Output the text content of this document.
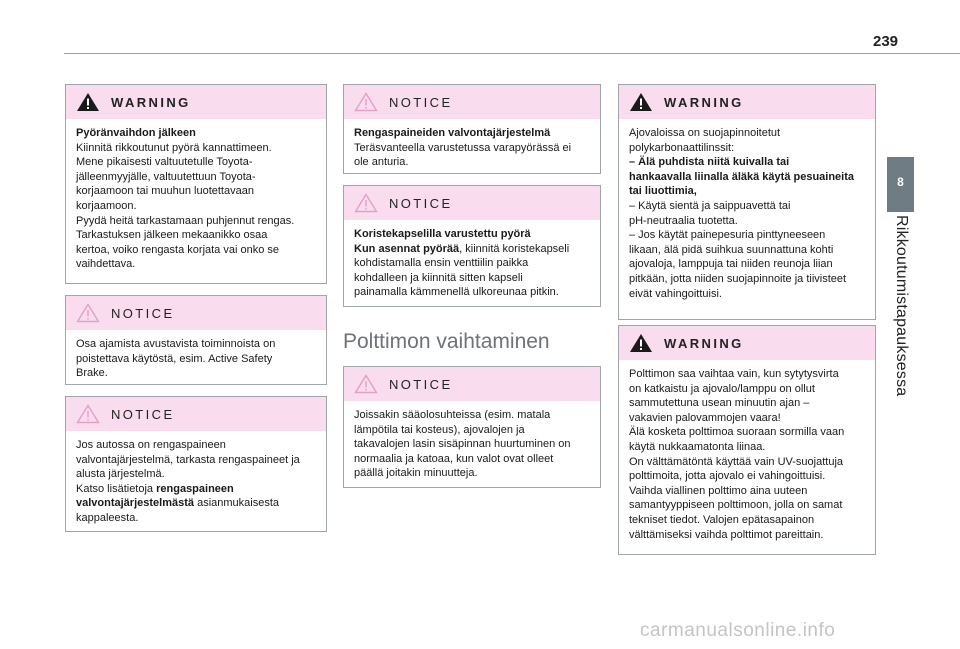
239
8
Rikkoutumistapauksessa
WARNING

Pyöränvaihdon jälkeen

Kiinnitä rikkoutunut pyörä kannattimeen.

Mene pikaisesti valtuutetulle Toyota-

jälleenmyyjälle, valtuutettuun Toyota-

korjaamoon tai muuhun luotettavaan

korjaamoon.

Pyydä heitä tarkastamaan puhjennut rengas.

Tarkastuksen jälkeen mekaanikko osaa

kertoa, voiko rengasta korjata vai onko se

vaihdettava.

NOTICE

Osa ajamista avustavista toiminnoista on

poistettava käytöstä, esim. Active Safety

Brake.

NOTICE

Jos autossa on rengaspaineen

valvontajärjestelmä, tarkasta rengaspaineet ja

alusta järjestelmä.

Katso lisätietoja rengaspaineen

valvontajärjestelmästä asianmukaisesta

kappaleesta.

NOTICE

Rengaspaineiden valvontajärjestelmä

Teräsvanteella varustetussa varapyörässä ei

ole anturia.

NOTICE

Koristekapselilla varustettu pyörä

Kun asennat pyörää, kiinnitä koristekapseli

kohdistamalla ensin venttiilin paikka

kohdalleen ja kiinnitä sitten kapseli

painamalla kämmenellä ulkoreunaa pitkin.

Polttimon vaihtaminen
NOTICE

Joissakin sääolosuhteissa (esim. matala

lämpötila tai kosteus), ajovalojen ja

takavalojen lasin sisäpinnan huurtuminen on

normaalia ja katoaa, kun valot ovat olleet

päällä joitakin minuutteja.

WARNING

Ajovaloissa on suojapinnoitetut

polykarbonaattilinssit:

– Älä puhdista niitä kuivalla tai

hankaavalla liinalla äläkä käytä pesuaineita

tai liuottimia,

– Käytä sientä ja saippuavettä tai

pH-neutraalia tuotetta.

– Jos käytät painepesuria pinttyneeseen

likaan, älä pidä suihkua suunnattuna kohti

ajovaloja, lamppuja tai niiden reunoja liian

pitkään, jotta niiden suojapinnoite ja tiivisteet

eivät vahingoittuisi.

WARNING

Polttimon saa vaihtaa vain, kun sytytysvirta

on katkaistu ja ajovalo/lamppu on ollut

sammutettuna usean minuutin ajan –

vakavien palovammojen vaara!

Älä kosketa polttimoa suoraan sormilla vaan

käytä nukkaamatonta liinaa.

On välttämätöntä käyttää vain UV-suojattuja

polttimoita, jotta ajovalo ei vahingoittuisi.

Vaihda viallinen polttimo aina uuteen

samantyyppiseen polttimoon, jolla on samat

tekniset tiedot. Valojen epätasapainon

välttämiseksi vaihda polttimot pareittain.

carmanualsonline.info
